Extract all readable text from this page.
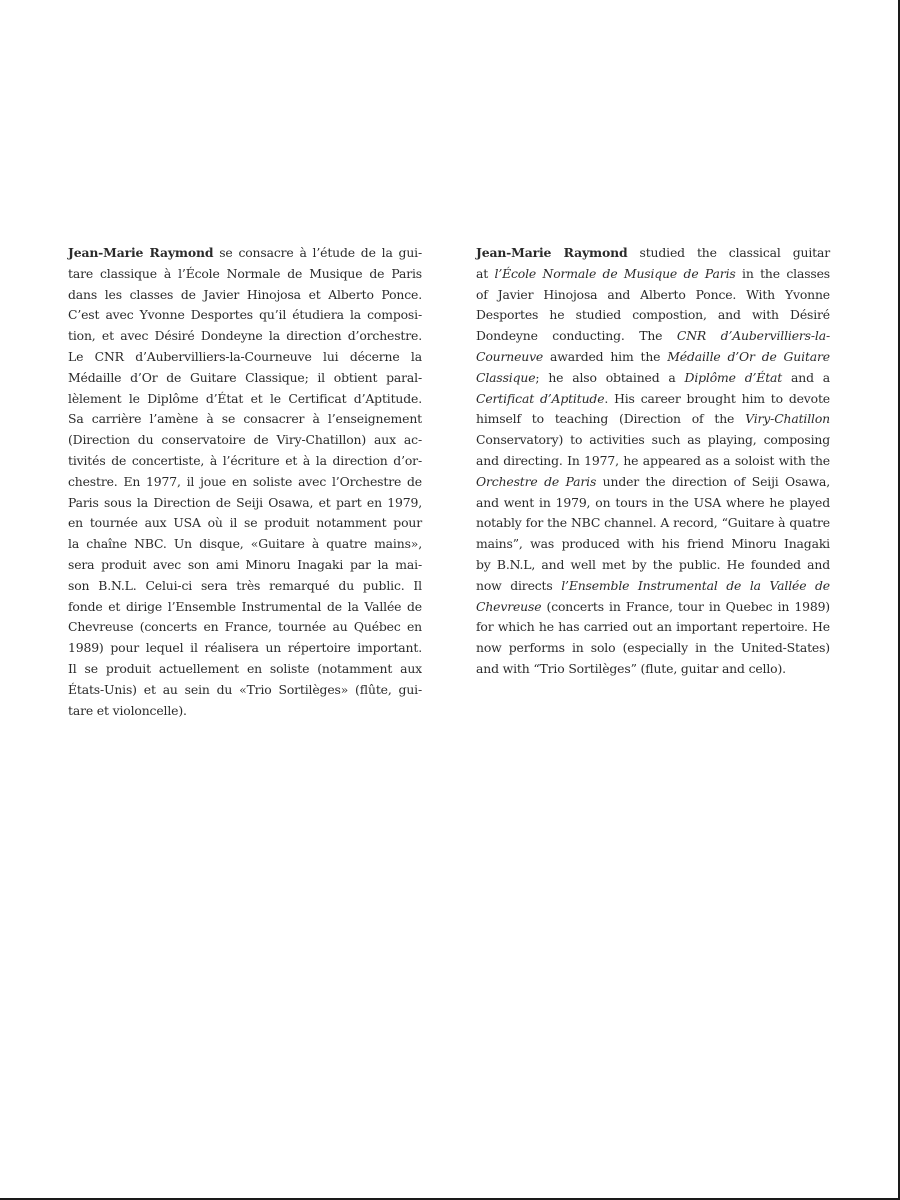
Jean-Marie Raymond se consacre à l’étude de la gui-
tare classique à l’École Normale de Musique de Paris
dans les classes de Javier Hinojosa et Alberto Ponce.
C’est avec Yvonne Desportes qu’il étudiera la composi-
tion, et avec Désiré Dondeyne la direction d’orchestre.
Le CNR d’Aubervilliers-la-Courneuve lui décerne la
Médaille d’Or de Guitare Classique; il obtient paral-
lèlement le Diplôme d’État et le Certificat d’Aptitude.
Sa carrière l’amène à se consacrer à l’enseignement
(Direction du conservatoire de Viry-Chatillon) aux ac-
tivités de concertiste, à l’écriture et à la direction d’or-
chestre. En 1977, il joue en soliste avec l’Orchestre de
Paris sous la Direction de Seiji Osawa, et part en 1979,
en tournée aux USA où il se produit notamment pour
la chaîne NBC. Un disque, «Guitare à quatre mains»,
sera produit avec son ami Minoru Inagaki par la mai-
son B.N.L. Celui-ci sera très remarqué du public. Il
fonde et dirige l’Ensemble Instrumental de la Vallée de
Chevreuse (concerts en France, tournée au Québec en
1989) pour lequel il réalisera un répertoire important.
Il se produit actuellement en soliste (notamment aux
États-Unis) et au sein du «Trio Sortilèges» (flûte, gui-
tare et violoncelle).
Jean-Marie Raymond studied the classical guitar
at l’École Normale de Musique de Paris in the classes
of Javier Hinojosa and Alberto Ponce. With Yvonne
Desportes he studied compostion, and with Désiré
Dondeyne conducting. The CNR d’Aubervilliers-la-
Courneuve awarded him the Médaille d’Or de Guitare
Classique; he also obtained a Diplôme d’État and a
Certificat d’Aptitude. His career brought him to devote
himself to teaching (Direction of the Viry-Chatillon
Conservatory) to activities such as playing, composing
and directing. In 1977, he appeared as a soloist with the
Orchestre de Paris under the direction of Seiji Osawa,
and went in 1979, on tours in the USA where he played
notably for the NBC channel. A record, “Guitare à quatre
mains”, was produced with his friend Minoru Inagaki
by B.N.L, and well met by the public. He founded and
now directs l’Ensemble Instrumental de la Vallée de
Chevreuse (concerts in France, tour in Quebec in 1989)
for which he has carried out an important repertoire. He
now performs in solo (especially in the United-States)
and with “Trio Sortilèges” (flute, guitar and cello).
